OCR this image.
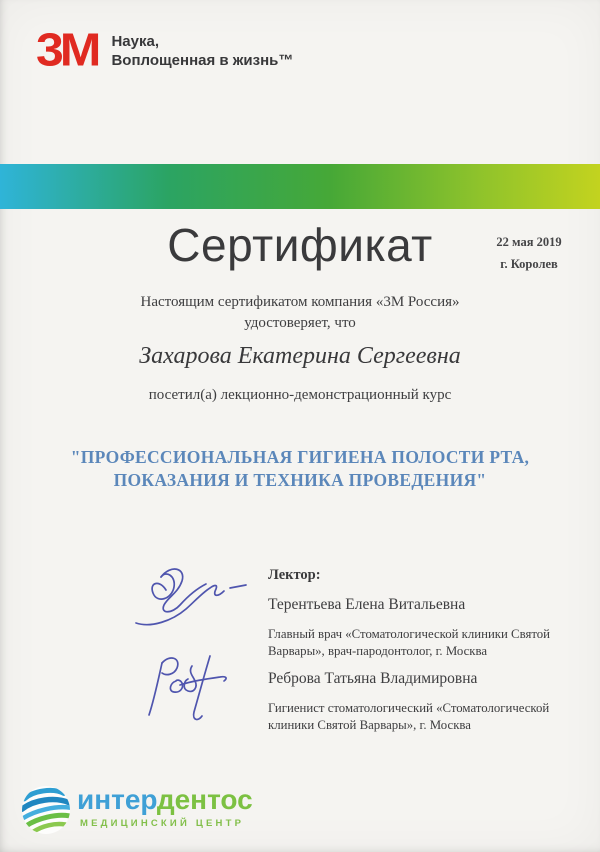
3M Наука,
Воплощенная в жизнь™
Сертификат	22 мая 2019
г. Королев

Настоящим сертификатом компания «3М Россия»

удостоверяет, что

Захарова Екатерина Сергеевна

посетил(а) лекционно-демонстрационный курс

"ПРОФЕССИОНАЛЬНАЯ ГИГИЕНА ПОЛОСТИ РТА,
ПОКАЗАНИЯ И ТЕХНИКА ПРОВЕДЕНИЯ"
Лектор:
Терентьева Елена Витальевна
Главный врач «Стоматологической клиники Святой Варвары», врач-пародонтолог, г. Москва
Реброва Татьяна Владимировна
Гигиенист стоматологический «Стоматологической клиники Святой Варвары», г. Москва
интердентос
МЕДИЦИНСКИЙ ЦЕНТР
